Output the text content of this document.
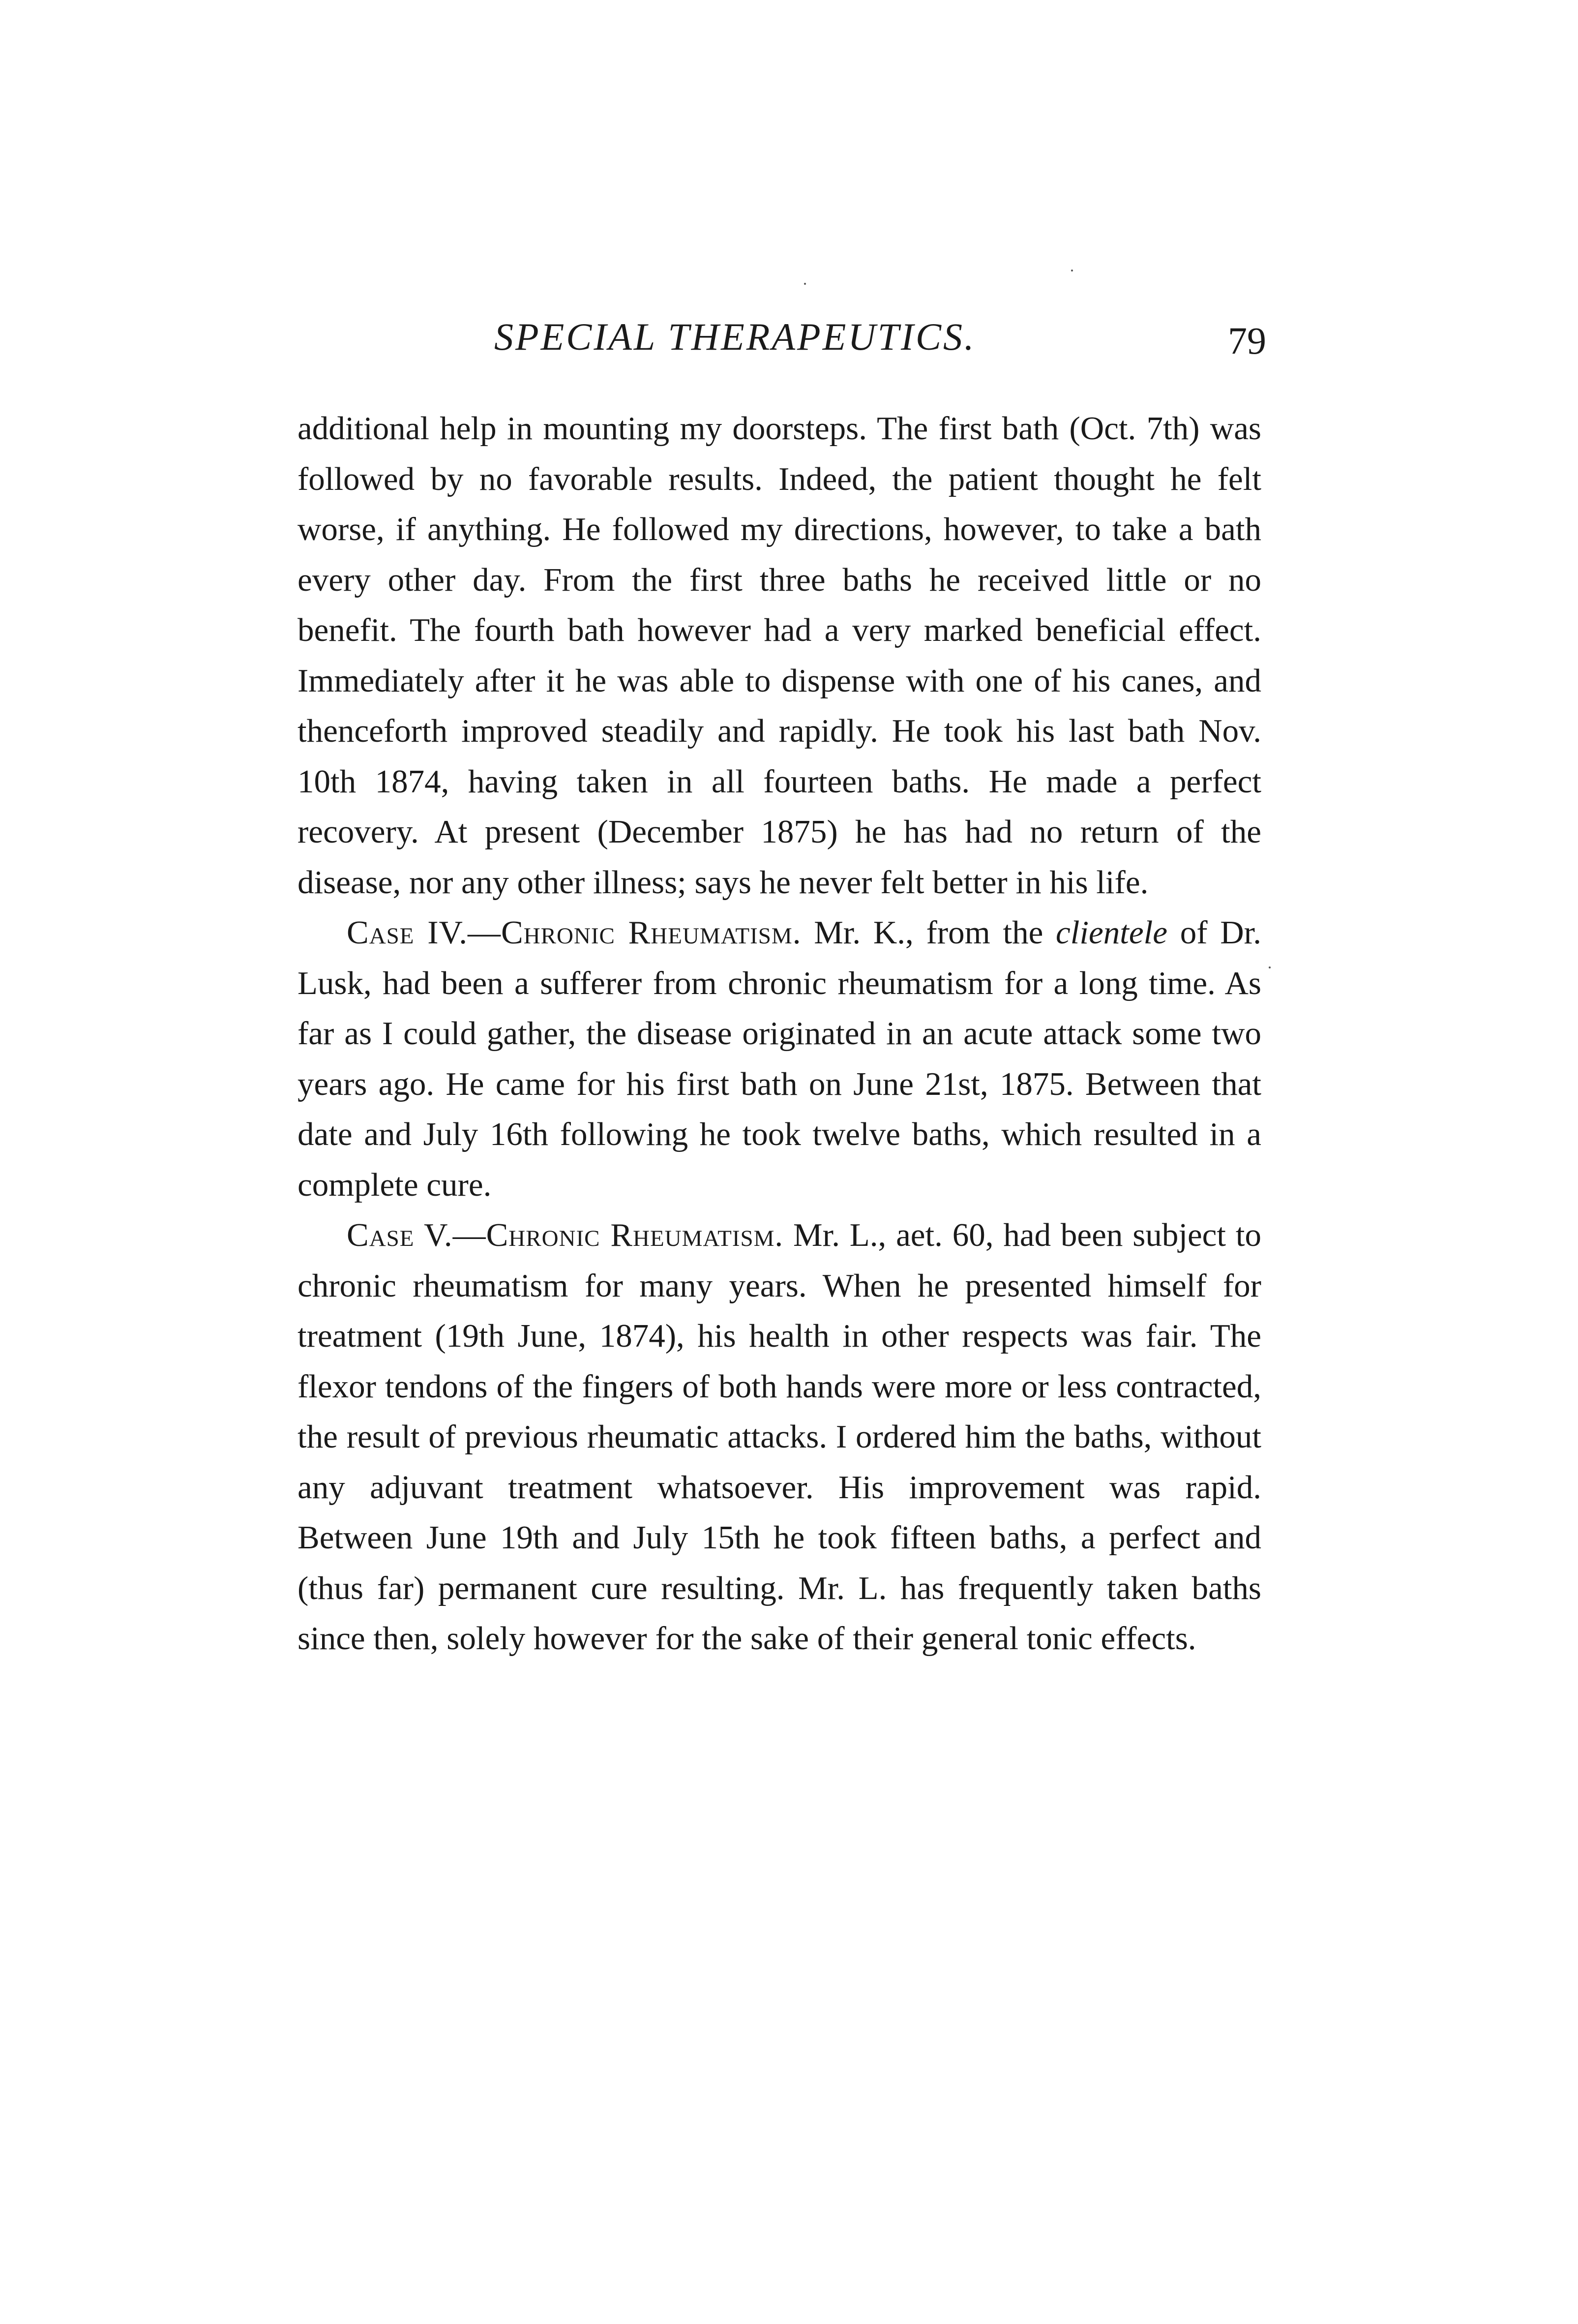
SPECIAL THERAPEUTICS.	79

additional help in mounting my doorsteps. The first bath (Oct. 7th) was followed by no favorable results. Indeed, the patient thought he felt worse, if anything. He followed my directions, however, to take a bath every other day. From the first three baths he received little or no benefit. The fourth bath however had a very marked beneficial effect. Immediately after it he was able to dispense with one of his canes, and thenceforth improved steadily and rapidly. He took his last bath Nov. 10th 1874, having taken in all fourteen baths. He made a perfect recovery. At present (December 1875) he has had no return of the disease, nor any other illness; says he never felt better in his life.

Case IV.—Chronic Rheumatism. Mr. K., from the clientele of Dr. Lusk, had been a sufferer from chronic rheumatism for a long time. As far as I could gather, the disease originated in an acute attack some two years ago. He came for his first bath on June 21st, 1875. Between that date and July 16th following he took twelve baths, which resulted in a complete cure.

Case V.—Chronic Rheumatism. Mr. L., aet. 60, had been subject to chronic rheumatism for many years. When he presented himself for treatment (19th June, 1874), his health in other respects was fair. The flexor tendons of the fingers of both hands were more or less contracted, the result of previous rheumatic attacks. I ordered him the baths, without any adjuvant treatment whatsoever. His improvement was rapid. Between June 19th and July 15th he took fifteen baths, a perfect and (thus far) permanent cure resulting. Mr. L. has frequently taken baths since then, solely however for the sake of their general tonic effects.
